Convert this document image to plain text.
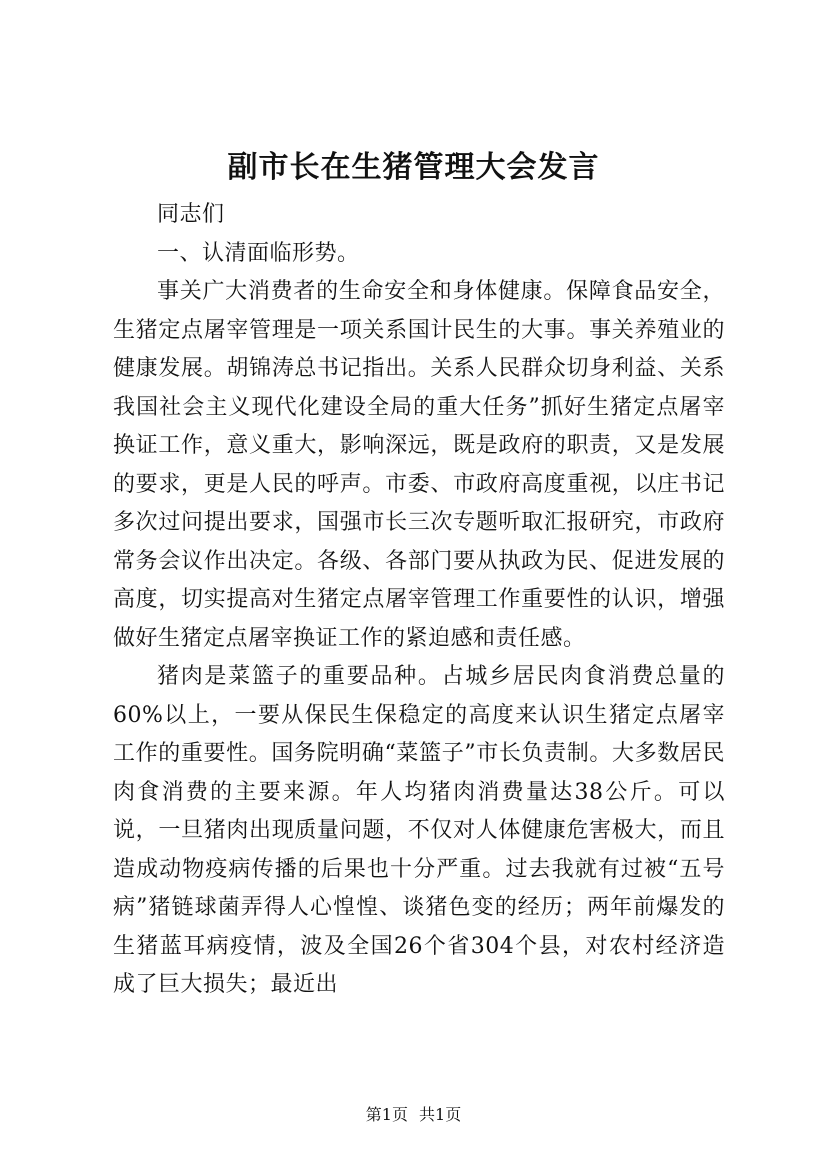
副市长在生猪管理大会发言

同志们

一、认清面临形势。

事关广大消费者的生命安全和身体健康。保障食品安全，生猪定点屠宰管理是一项关系国计民生的大事。事关养殖业的健康发展。胡锦涛总书记指出。关系人民群众切身利益、关系我国社会主义现代化建设全局的重大任务”抓好生猪定点屠宰换证工作，意义重大，影响深远，既是政府的职责，又是发展的要求，更是人民的呼声。市委、市政府高度重视，以庄书记多次过问提出要求，国强市长三次专题听取汇报研究，市政府常务会议作出决定。各级、各部门要从执政为民、促进发展的高度，切实提高对生猪定点屠宰管理工作重要性的认识，增强做好生猪定点屠宰换证工作的紧迫感和责任感。

猪肉是菜篮子的重要品种。占城乡居民肉食消费总量的60%以上，一要从保民生保稳定的高度来认识生猪定点屠宰工作的重要性。国务院明确“菜篮子”市长负责制。大多数居民肉食消费的主要来源。年人均猪肉消费量达38公斤。可以说，一旦猪肉出现质量问题，不仅对人体健康危害极大，而且造成动物疫病传播的后果也十分严重。过去我就有过被“五号病”猪链球菌弄得人心惶惶、谈猪色变的经历；两年前爆发的生猪蓝耳病疫情，波及全国26个省304个县，对农村经济造成了巨大损失；最近出

第1页 共1页
